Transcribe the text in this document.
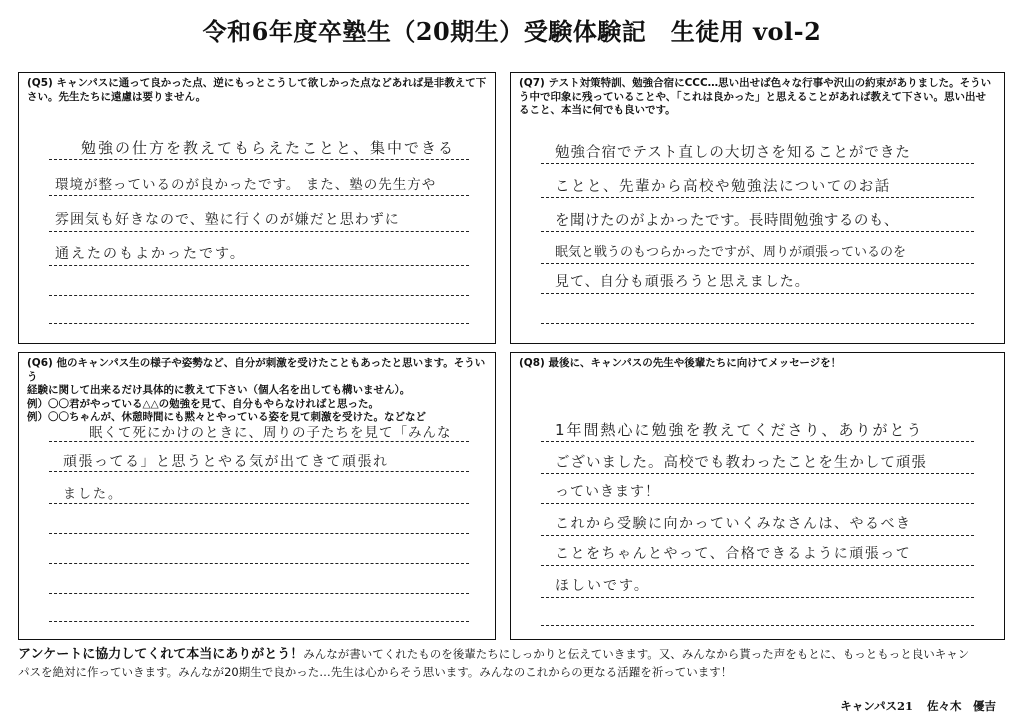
令和6年度卒塾生（20期生）受験体験記　生徒用 vol-2
(Q5) キャンパスに通って良かった点、逆にもっとこうして欲しかった点などあれば是非教えて下さい。先生たちに遠慮は要りません。
勉強の仕方を教えてもらえたことと、集中できる
環境が整っているのが良かったです。 また、塾の先生方や
雰囲気も好きなので、塾に行くのが嫌だと思わずに
通えたのもよかったです。
(Q7) テスト対策特訓、勉強合宿にCCC…思い出せば色々な行事や沢山の約束がありました。そういう中で印象に残っていることや、「これは良かった」と思えることがあれば教えて下さい。思い出せること、本当に何でも良いです。
勉強合宿でテスト直しの大切さを知ることができた
ことと、先輩から高校や勉強法についてのお話
を聞けたのがよかったです。長時間勉強するのも、
眠気と戦うのもつらかったですが、周りが頑張っているのを
見て、自分も頑張ろうと思えました。
(Q6) 他のキャンパス生の様子や姿勢など、自分が刺激を受けたこともあったと思います。そういう
経験に関して出来るだけ具体的に教えて下さい（個人名を出しても構いません）。
例）〇〇君がやっている△△の勉強を見て、自分もやらなければと思った。
例）〇〇ちゃんが、休憩時間にも黙々とやっている姿を見て刺激を受けた。などなど
眠くて死にかけのときに、周りの子たちを見て「みんな
頑張ってる」と思うとやる気が出てきて頑張れ
ました。
(Q8) 最後に、キャンパスの先生や後輩たちに向けてメッセージを！
1年間熱心に勉強を教えてくださり、ありがとう
ございました。高校でも教わったことを生かして頑張
っていきます！
これから受験に向かっていくみなさんは、やるべき
ことをちゃんとやって、合格できるように頑張って
ほしいです。
アンケートに協力してくれて本当にありがとう！みんなが書いてくれたものを後輩たちにしっかりと伝えていきます。又、みんなから貰った声をもとに、もっともっと良いキャン
パスを絶対に作っていきます。みんなが20期生で良かった…先生は心からそう思います。みんなのこれからの更なる活躍を祈っています！
キャンパス21 佐々木　優吉
